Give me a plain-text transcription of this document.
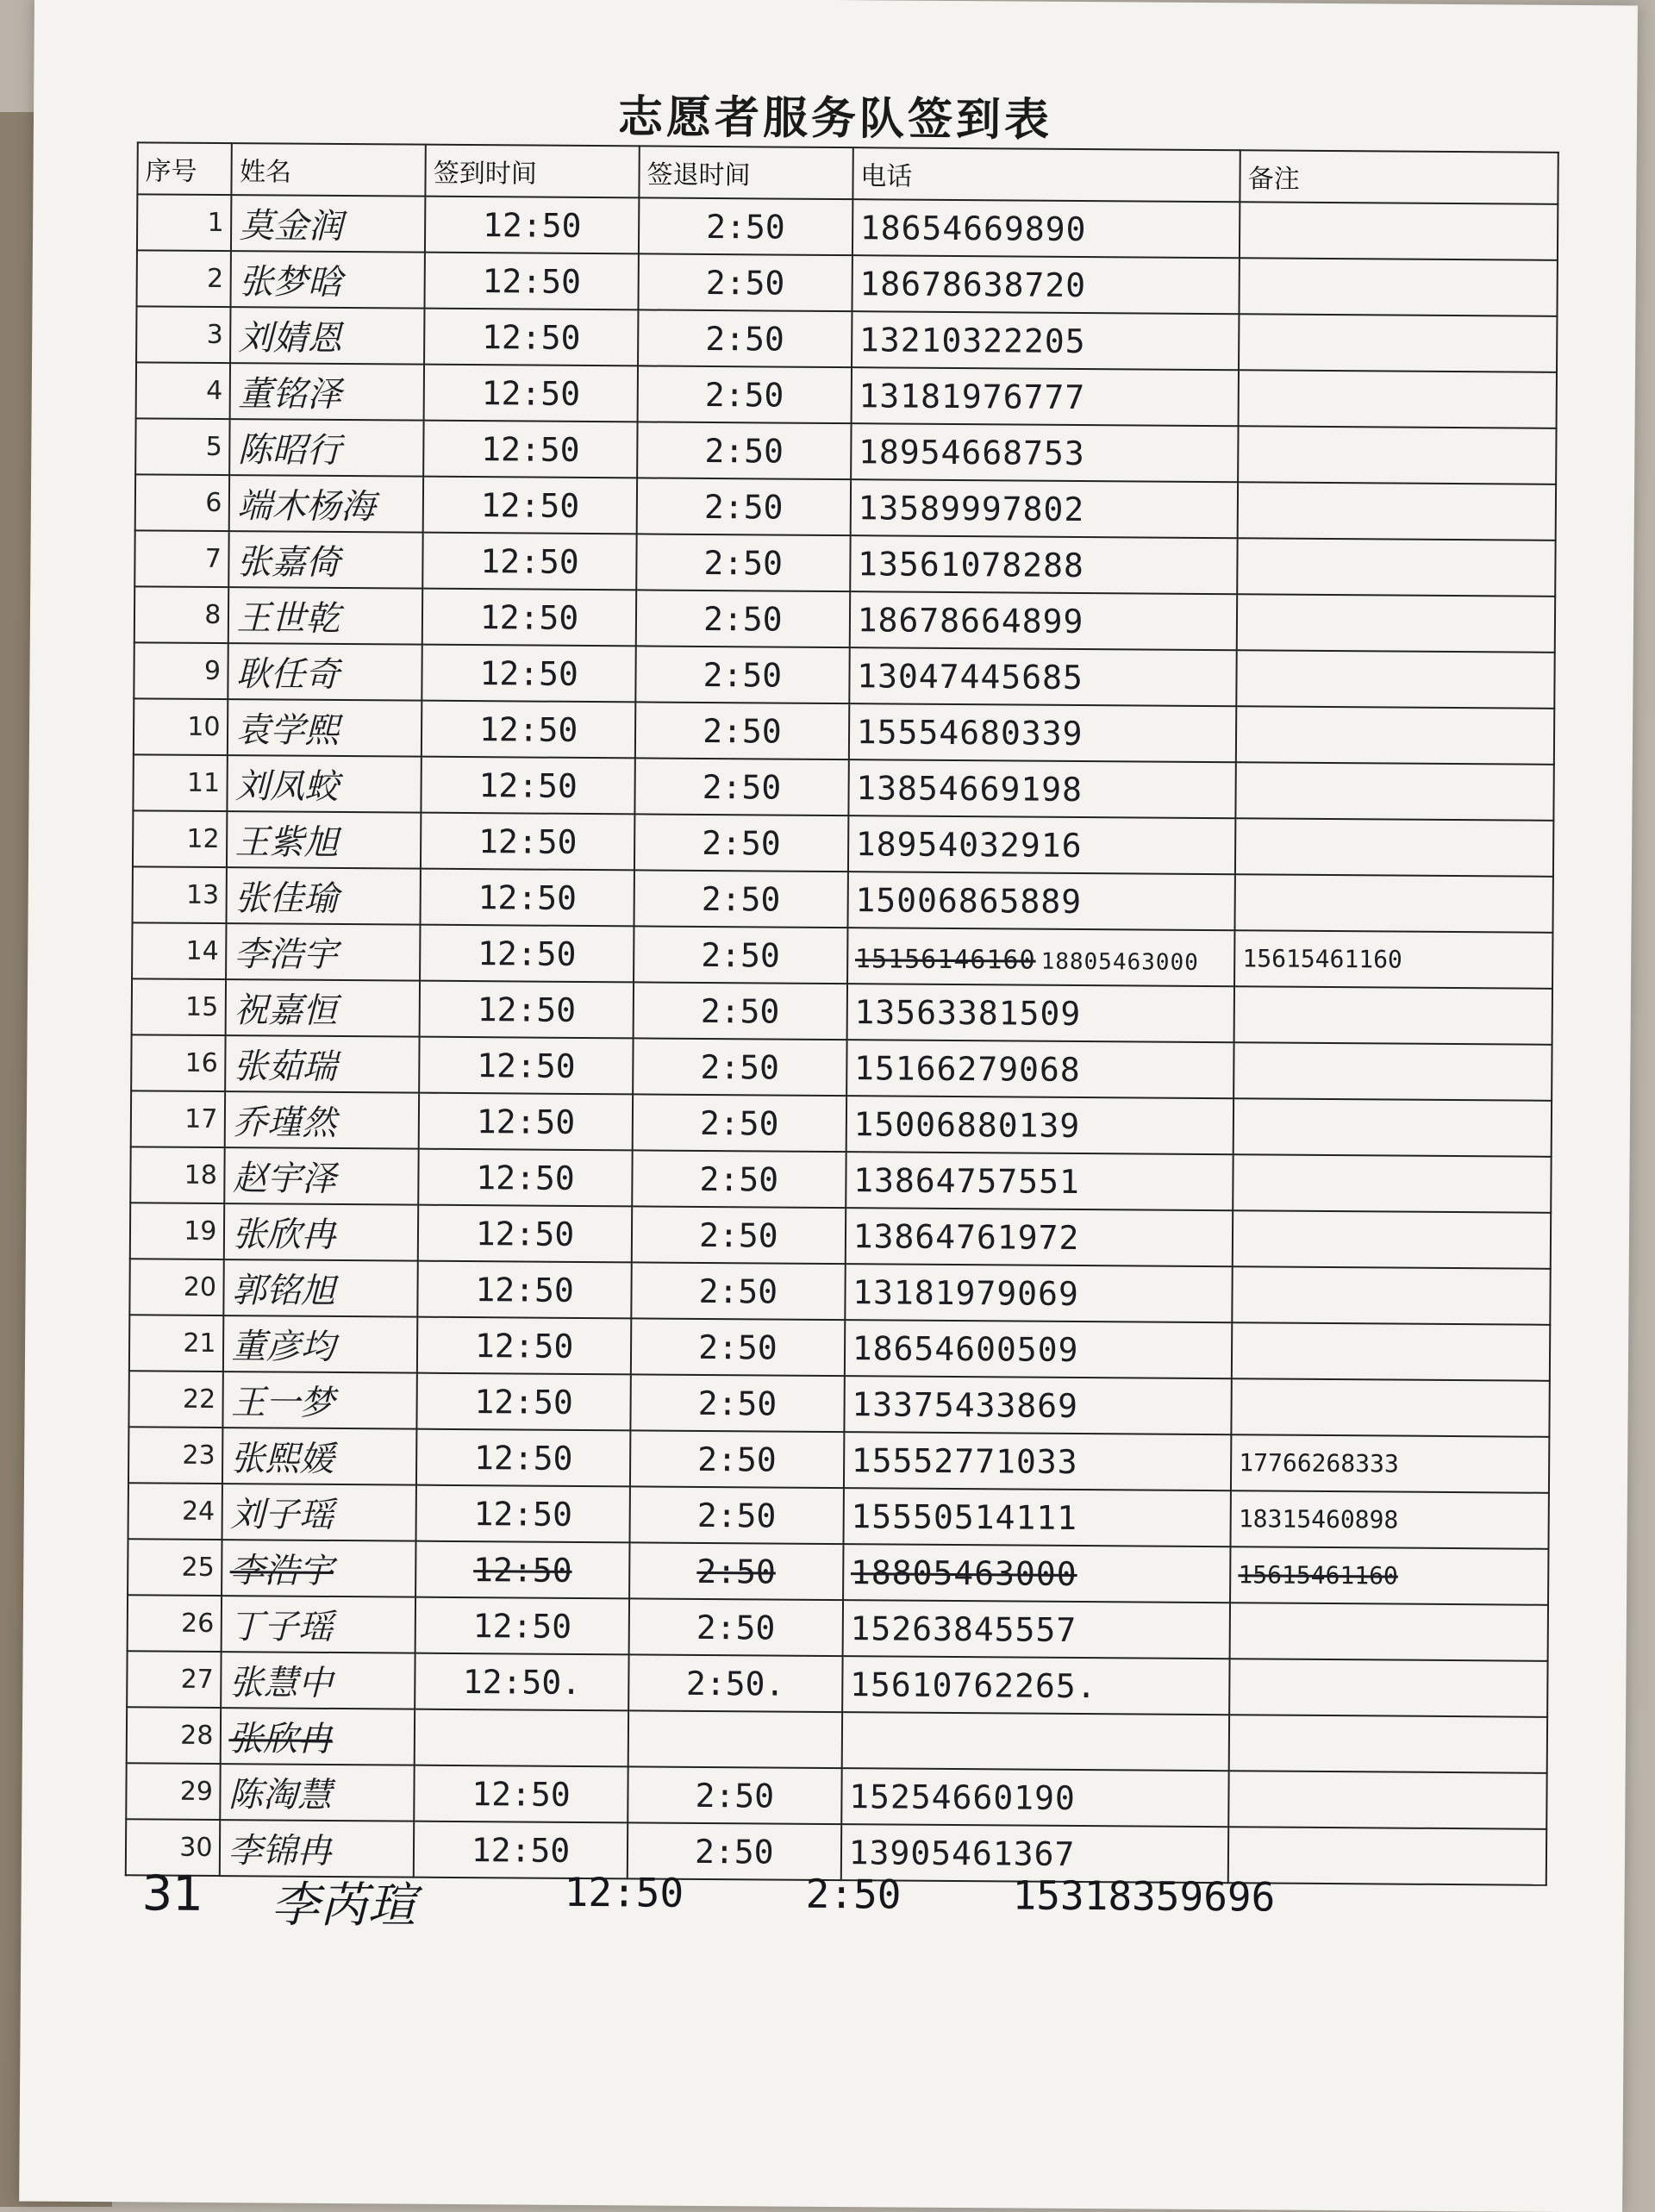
志愿者服务队签到表
序号	姓名	签到时间	签退时间	电话	备注
1	莫金润	12:50	2:50	18654669890	
2	张梦晗	12:50	2:50	18678638720	
3	刘婧恩	12:50	2:50	13210322205	
4	董铭泽	12:50	2:50	13181976777	
5	陈昭行	12:50	2:50	18954668753	
6	端木杨海	12:50	2:50	13589997802	
7	张嘉倚	12:50	2:50	13561078288	
8	王世乾	12:50	2:50	18678664899	
9	耿任奇	12:50	2:50	13047445685	
10	袁学熙	12:50	2:50	15554680339	
11	刘凤蛟	12:50	2:50	13854669198	
12	王紫旭	12:50	2:50	18954032916	
13	张佳瑜	12:50	2:50	15006865889	
14	李浩宇	12:50	2:50	15156146160 18805463000	15615461160
15	祝嘉恒	12:50	2:50	13563381509	
16	张茹瑞	12:50	2:50	15166279068	
17	乔瑾然	12:50	2:50	15006880139	
18	赵宇泽	12:50	2:50	13864757551	
19	张欣冉	12:50	2:50	13864761972	
20	郭铭旭	12:50	2:50	13181979069	
21	董彦均	12:50	2:50	18654600509	
22	王一梦	12:50	2:50	13375433869	
23	张熙媛	12:50	2:50	15552771033	17766268333
24	刘子瑶	12:50	2:50	15550514111	18315460898
25	李浩宇	12:50	2:50	18805463000	15615461160
26	丁子瑶	12:50	2:50	15263845557	
27	张慧中	12:50.	2:50.	15610762265.	
28	张欣冉				
29	陈淘慧	12:50	2:50	15254660190	
30	李锦冉	12:50	2:50	13905461367	
31 李芮瑄	12:50	2:50	15318359696
